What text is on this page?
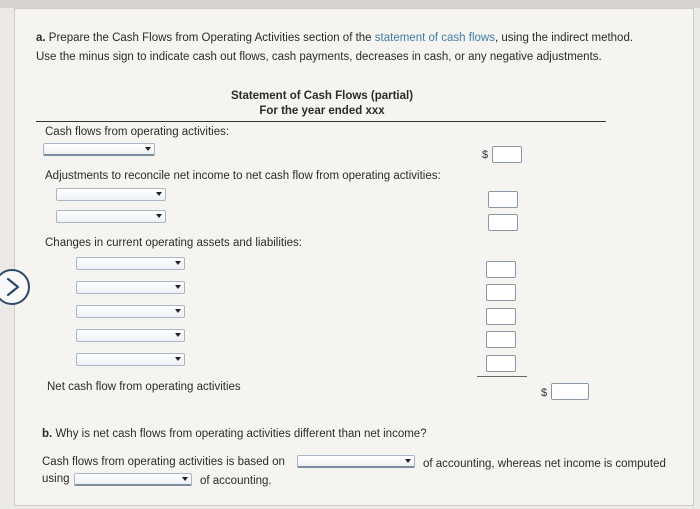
a. Prepare the Cash Flows from Operating Activities section of the statement of cash flows, using the indirect method.
Use the minus sign to indicate cash out flows, cash payments, decreases in cash, or any negative adjustments.
Statement of Cash Flows (partial)
For the year ended xxx
Cash flows from operating activities:
$
Adjustments to reconcile net income to net cash flow from operating activities:
Changes in current operating assets and liabilities:
Net cash flow from operating activities	$
b. Why is net cash flows from operating activities different than net income?
Cash flows from operating activities is based on	of accounting, whereas net income is computed
using	of accounting.
